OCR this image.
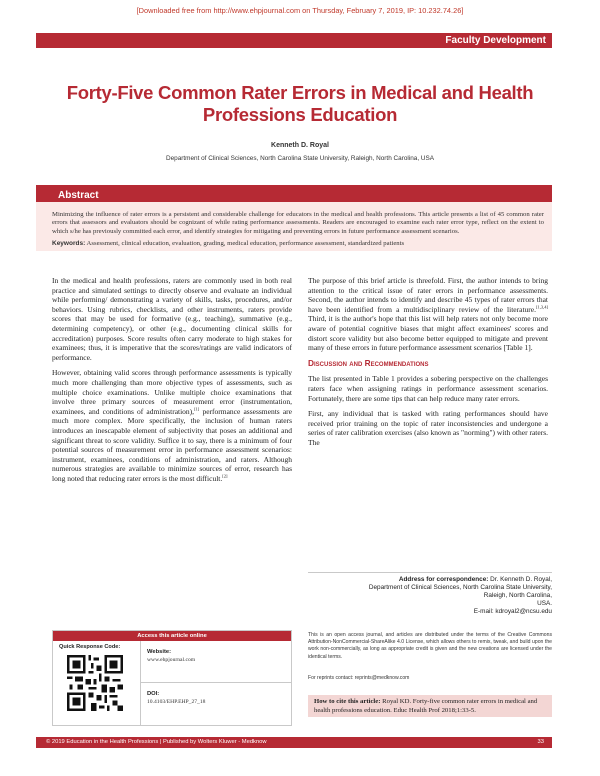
[Downloaded free from http://www.ehpjournal.com on Thursday, February 7, 2019, IP: 10.232.74.26]
Faculty Development
Forty-Five Common Rater Errors in Medical and Health Professions Education
Kenneth D. Royal
Department of Clinical Sciences, North Carolina State University, Raleigh, North Carolina, USA
Abstract

Minimizing the influence of rater errors is a persistent and considerable challenge for educators in the medical and health professions. This article presents a list of 45 common rater errors that assessors and evaluators should be cognizant of while rating performance assessments. Readers are encouraged to examine each rater error type, reflect on the extent to which s/he has previously committed each error, and identify strategies for mitigating and preventing errors in future performance assessment scenarios.

Keywords: Assessment, clinical education, evaluation, grading, medical education, performance assessment, standardized patients

In the medical and health professions, raters are commonly used in both real practice and simulated settings to directly observe and evaluate an individual while performing/ demonstrating a variety of skills, tasks, procedures, and/or behaviors. Using rubrics, checklists, and other instruments, raters provide scores that may be used for formative (e.g., teaching), summative (e.g., determining competency), or other (e.g., documenting clinical skills for accreditation) purposes. Score results often carry moderate to high stakes for examinees; thus, it is imperative that the scores/ratings are valid indicators of performance.

However, obtaining valid scores through performance assessments is typically much more challenging than more objective types of assessments, such as multiple choice examinations. Unlike multiple choice examinations that involve three primary sources of measurement error (instrumentation, examinees, and conditions of administration),[1] performance assessments are much more complex. More specifically, the inclusion of human raters introduces an inescapable element of subjectivity that poses an additional and significant threat to score validity. Suffice it to say, there is a minimum of four potential sources of measurement error in performance assessment scenarios: instrument, examinees, conditions of administration, and raters. Although numerous strategies are available to minimize sources of error, research has long noted that reducing rater errors is the most difficult.[2]

The purpose of this brief article is threefold. First, the author intends to bring attention to the critical issue of rater errors in performance assessments. Second, the author intends to identify and describe 45 types of rater errors that have been identified from a multidisciplinary review of the literature.[1,3,4] Third, it is the author's hope that this list will help raters not only become more aware of potential cognitive biases that might affect examinees' scores and distort score validity but also become better equipped to mitigate and prevent many of these errors in future performance assessment scenarios [Table 1].

Discussion and Recommendations

The list presented in Table 1 provides a sobering perspective on the challenges raters face when assigning ratings in performance assessment scenarios. Fortunately, there are some tips that can help reduce many rater errors.

First, any individual that is tasked with rating performances should have received prior training on the topic of rater inconsistencies and undergone a series of rater calibration exercises (also known as "norming") with other raters. The

Address for correspondence: Dr. Kenneth D. Royal,
Department of Clinical Sciences, North Carolina State University,
Raleigh, North Carolina,
USA.
E-mail: kdroyal2@ncsu.edu
Access this article online
Quick Response Code:
Website:
www.ehpjournal.com
DOI:
10.4103/EHP.EHP_27_18

This is an open access journal, and articles are distributed under the terms of the Creative Commons Attribution-NonCommercial-ShareAlike 4.0 License, which allows others to remix, tweak, and build upon the work non-commercially, as long as appropriate credit is given and the new creations are licensed under the identical terms.

For reprints contact: reprints@medknow.com

How to cite this article: Royal KD. Forty-five common rater errors in medical and health professions education. Educ Health Prof 2018;1:33-5.
© 2019 Education in the Health Professions | Published by Wolters Kluwer - Medknow	33
